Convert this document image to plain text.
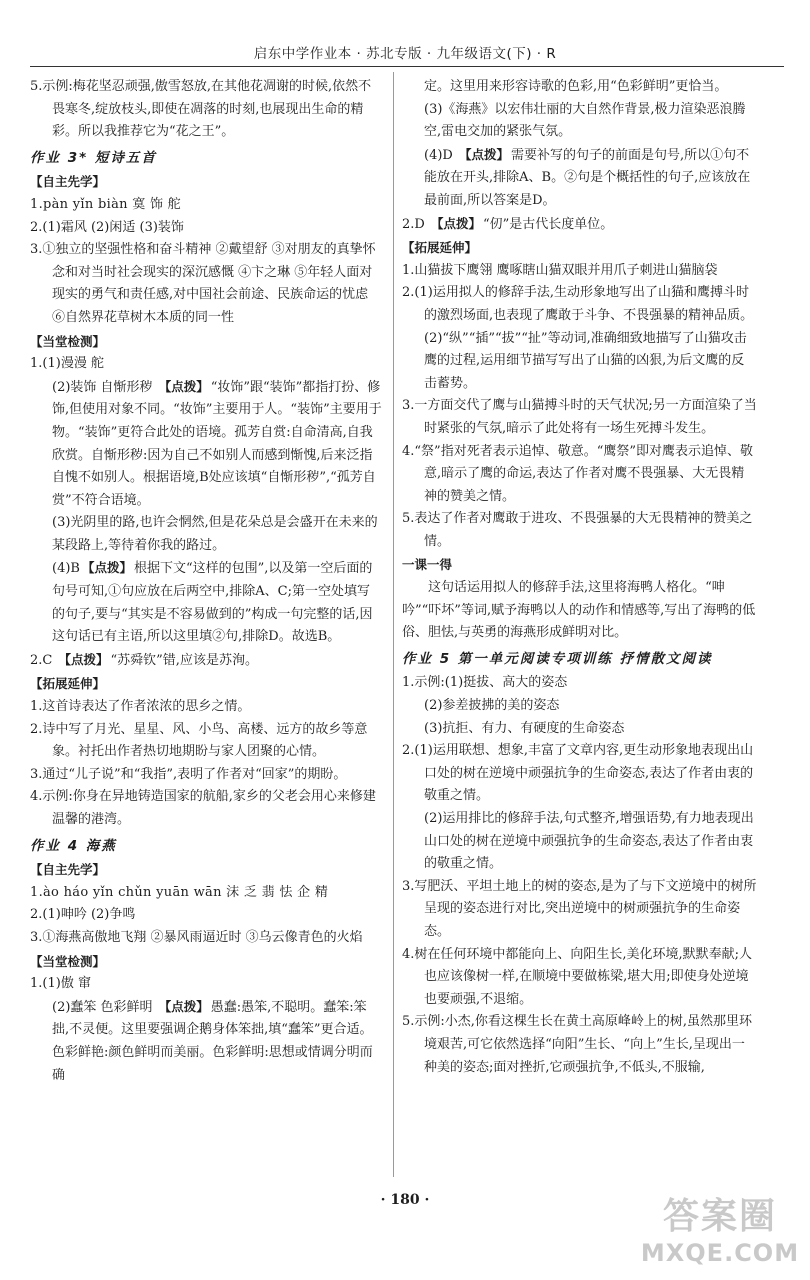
启东中学作业本 · 苏北专版 · 九年级语文(下) · R

5.示例:梅花坚忍顽强,傲雪怒放,在其他花凋谢的时候,依然不畏寒冬,绽放枝头,即使在凋落的时刻,也展现出生命的精彩。所以我推荐它为“花之王”。

作业 3* 短诗五首

【自主先学】

1.pàn yǐn biàn 寞 饰 舵

2.(1)霜风 (2)闲适 (3)装饰

3.①独立的坚强性格和奋斗精神 ②戴望舒 ③对朋友的真挚怀念和对当时社会现实的深沉感慨 ④卞之琳 ⑤年轻人面对现实的勇气和责任感,对中国社会前途、民族命运的忧虑 ⑥自然界花草树木本质的同一性

【当堂检测】

1.(1)漫漫 舵

(2)装饰 自惭形秽 【点拨】 “妆饰”跟“装饰”都指打扮、修饰,但使用对象不同。“妆饰”主要用于人。“装饰”主要用于物。“装饰”更符合此处的语境。孤芳自赏:自命清高,自我欣赏。自惭形秽:因为自己不如别人而感到惭愧,后来泛指自愧不如别人。根据语境,B处应该填“自惭形秽”,“孤芳自赏”不符合语境。

(3)光阴里的路,也许会惘然,但是花朵总是会盛开在未来的某段路上,等待着你我的路过。

(4)B 【点拨】 根据下文“这样的包围”,以及第一空后面的句号可知,①句应放在后两空中,排除A、C;第一空处填写的句子,要与“其实是不容易做到的”构成一句完整的话,因这句话已有主语,所以这里填②句,排除D。故选B。

2.C 【点拨】 “苏舜钦”错,应该是苏洵。

【拓展延伸】

1.这首诗表达了作者浓浓的思乡之情。

2.诗中写了月光、星星、风、小鸟、高楼、远方的故乡等意象。衬托出作者热切地期盼与家人团聚的心情。

3.通过“儿子说”和“我指”,表明了作者对“回家”的期盼。

4.示例:你身在异地铸造国家的航船,家乡的父老会用心来修建温馨的港湾。

作业 4 海燕

【自主先学】

1.ào háo yǐn chǔn yuān wān 沫 乏 翡 怯 企 精

2.(1)呻吟 (2)争鸣

3.①海燕高傲地飞翔 ②暴风雨逼近时 ③乌云像青色的火焰

【当堂检测】

1.(1)傲 窜

(2)蠢笨 色彩鲜明 【点拨】 愚蠢:愚笨,不聪明。蠢笨:笨拙,不灵便。这里要强调企鹅身体笨拙,填“蠢笨”更合适。色彩鲜艳:颜色鲜明而美丽。色彩鲜明:思想或情调分明而确

定。这里用来形容诗歌的色彩,用“色彩鲜明”更恰当。

(3)《海燕》以宏伟壮丽的大自然作背景,极力渲染恶浪腾空,雷电交加的紧张气氛。

(4)D 【点拨】 需要补写的句子的前面是句号,所以①句不能放在开头,排除A、B。②句是个概括性的句子,应该放在最前面,所以答案是D。

2.D 【点拨】 “仞”是古代长度单位。

【拓展延伸】

1.山猫拔下鹰翎 鹰啄瞎山猫双眼并用爪子刺进山猫脑袋

2.(1)运用拟人的修辞手法,生动形象地写出了山猫和鹰搏斗时的激烈场面,也表现了鹰敢于斗争、不畏强暴的精神品质。

(2)“纵”“插”“拔”“扯”等动词,准确细致地描写了山猫攻击鹰的过程,运用细节描写写出了山猫的凶狠,为后文鹰的反击蓄势。

3.一方面交代了鹰与山猫搏斗时的天气状况;另一方面渲染了当时紧张的气氛,暗示了此处将有一场生死搏斗发生。

4.“祭”指对死者表示追悼、敬意。“鹰祭”即对鹰表示追悼、敬意,暗示了鹰的命运,表达了作者对鹰不畏强暴、大无畏精神的赞美之情。

5.表达了作者对鹰敢于进攻、不畏强暴的大无畏精神的赞美之情。

一课一得

这句话运用拟人的修辞手法,这里将海鸭人格化。“呻吟”“吓坏”等词,赋予海鸭以人的动作和情感等,写出了海鸭的低俗、胆怯,与英勇的海燕形成鲜明对比。

作业 5 第一单元阅读专项训练 抒情散文阅读

1.示例:(1)挺拔、高大的姿态

(2)参差披拂的美的姿态

(3)抗拒、有力、有硬度的生命姿态

2.(1)运用联想、想象,丰富了文章内容,更生动形象地表现出山口处的树在逆境中顽强抗争的生命姿态,表达了作者由衷的敬重之情。

(2)运用排比的修辞手法,句式整齐,增强语势,有力地表现出山口处的树在逆境中顽强抗争的生命姿态,表达了作者由衷的敬重之情。

3.写肥沃、平坦土地上的树的姿态,是为了与下文逆境中的树所呈现的姿态进行对比,突出逆境中的树顽强抗争的生命姿态。

4.树在任何环境中都能向上、向阳生长,美化环境,默默奉献;人也应该像树一样,在顺境中要做栋梁,堪大用;即使身处逆境也要顽强,不退缩。

5.示例:小杰,你看这棵生长在黄土高原峰岭上的树,虽然那里环境艰苦,可它依然选择“向阳”生长、“向上”生长,呈现出一种美的姿态;面对挫折,它顽强抗争,不低头,不服输,

· 180 ·	答案圈
MXQE.COM
